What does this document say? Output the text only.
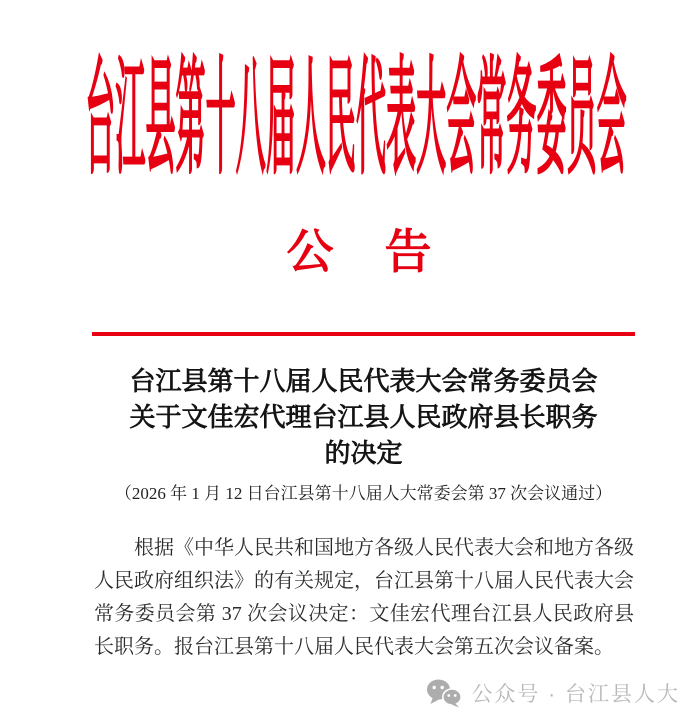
台江县第十八届人民代表大会常务委员会
公　告
台江县第十八届人民代表大会常务委员会
关于文佳宏代理台江县人民政府县长职务
的决定
（2026 年 1 月 12 日台江县第十八届人大常委会第 37 次会议通过）

根据《中华人民共和国地方各级人民代表大会和地方各级人民政府组织法》的有关规定，台江县第十八届人民代表大会常务委员会第 37 次会议决定：文佳宏代理台江县人民政府县长职务。报台江县第十八届人民代表大会第五次会议备案。

公众号 · 台江县人大
